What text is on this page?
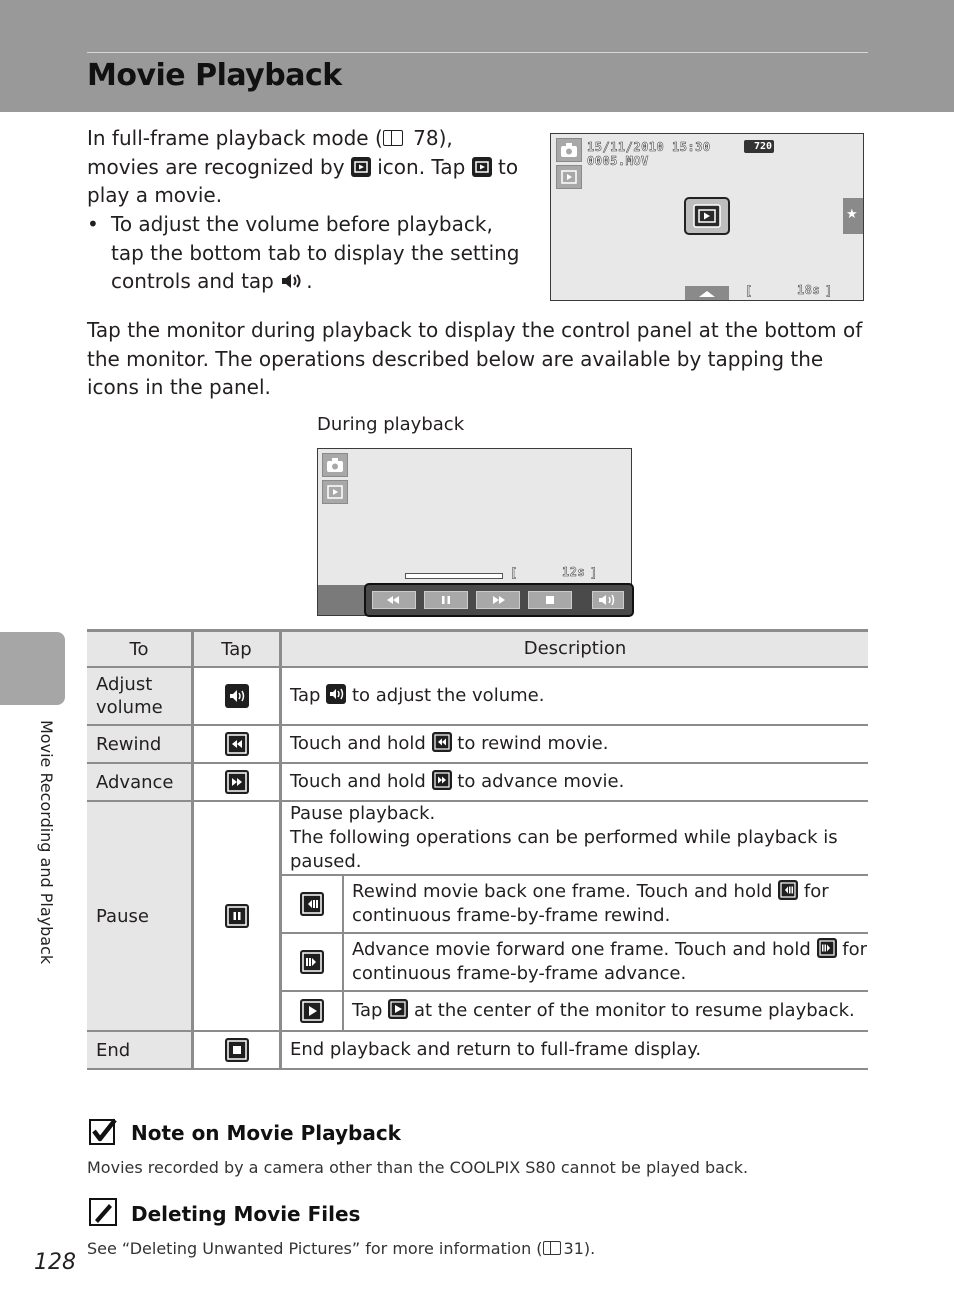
Movie Playback
Movie Recording and Playback

In full-frame playback mode ( 78), movies are recognized by icon. Tap to play a movie.

• To adjust the volume before playback, tap the bottom tab to display the setting controls and tap .
15/11/2010 15:30	720
0005.MOV
★
[	18s ]

Tap the monitor during playback to display the control panel at the bottom of the monitor. The operations described below are available by tapping the icons in the panel.

During playback
[	12s ]
To	Tap	Description	
Adjust volume		Tap to adjust the volume.	
Rewind		Touch and hold to rewind movie.	
Advance		Touch and hold to advance movie.	
Pause		Pause playback.
The following operations can be performed while playback is paused.	

	Rewind movie back one frame. Touch and hold for continuous frame-by-frame rewind.

	Advance movie forward one frame. Touch and hold for continuous frame-by-frame advance.

	Tap at the center of the monitor to resume playback.
End		End playback and return to full-frame display.	
Note on Movie Playback
Movies recorded by a camera other than the COOLPIX S80 cannot be played back.
Deleting Movie Files
See “Deleting Unwanted Pictures” for more information ( 31).
128
